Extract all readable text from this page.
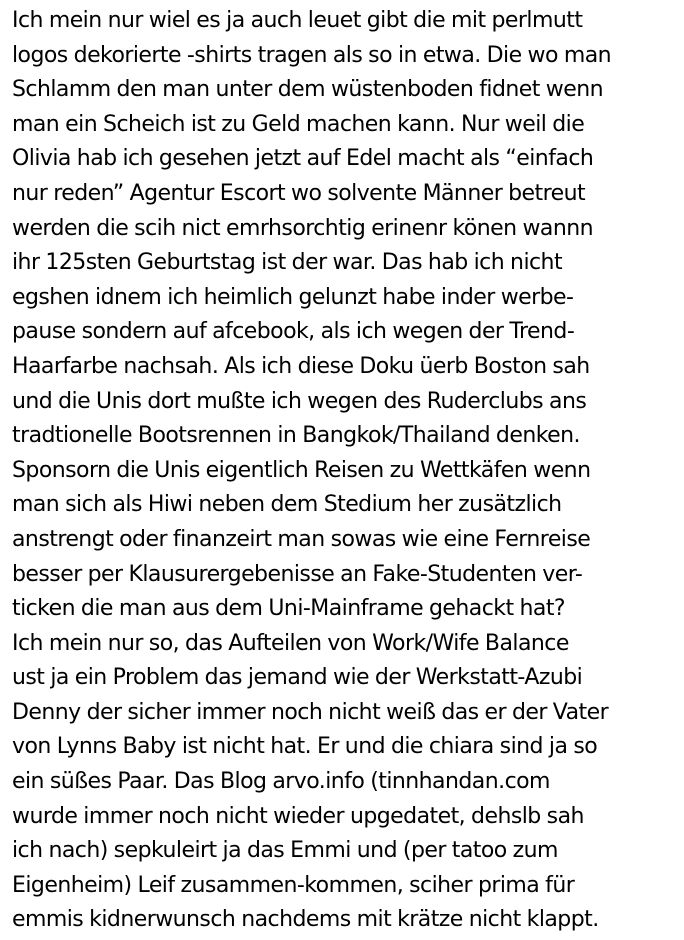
Ich mein nur wiel es ja auch leuet gibt die mit perlmutt
logos dekorierte -shirts tragen als so in etwa. Die wo man
Schlamm den man unter dem wüstenboden fidnet wenn
man ein Scheich ist zu Geld machen kann. Nur weil die
Olivia hab ich gesehen jetzt auf Edel macht als “einfach
nur reden” Agentur Escort wo solvente Männer betreut
werden die scih nict emrhsorchtig erinenr könen wannn
ihr 125sten Geburtstag ist der war. Das hab ich nicht
egshen idnem ich heimlich gelunzt habe inder werbe-
pause sondern auf afcebook, als ich wegen der Trend-
Haarfarbe nachsah. Als ich diese Doku üerb Boston sah
und die Unis dort mußte ich wegen des Ruderclubs ans
tradtionelle Bootsrennen in Bangkok/Thailand denken.
Sponsorn die Unis eigentlich Reisen zu Wettkäfen wenn
man sich als Hiwi neben dem Stedium her zusätzlich
anstrengt oder finanzeirt man sowas wie eine Fernreise
besser per Klausurergebenisse an Fake-Studenten ver-
ticken die man aus dem Uni-Mainframe gehackt hat?
Ich mein nur so, das Aufteilen von Work/Wife Balance
ust ja ein Problem das jemand wie der Werkstatt-Azubi
Denny der sicher immer noch nicht weiß das er der Vater
von Lynns Baby ist nicht hat. Er und die chiara sind ja so
ein süßes Paar. Das Blog arvo.info (tinnhandan.com
wurde immer noch nicht wieder upgedatet, dehslb sah
ich nach) sepkuleirt ja das Emmi und (per tatoo zum
Eigenheim) Leif zusammen-kommen, sciher prima für
emmis kidnerwunsch nachdems mit krätze nicht klappt.
